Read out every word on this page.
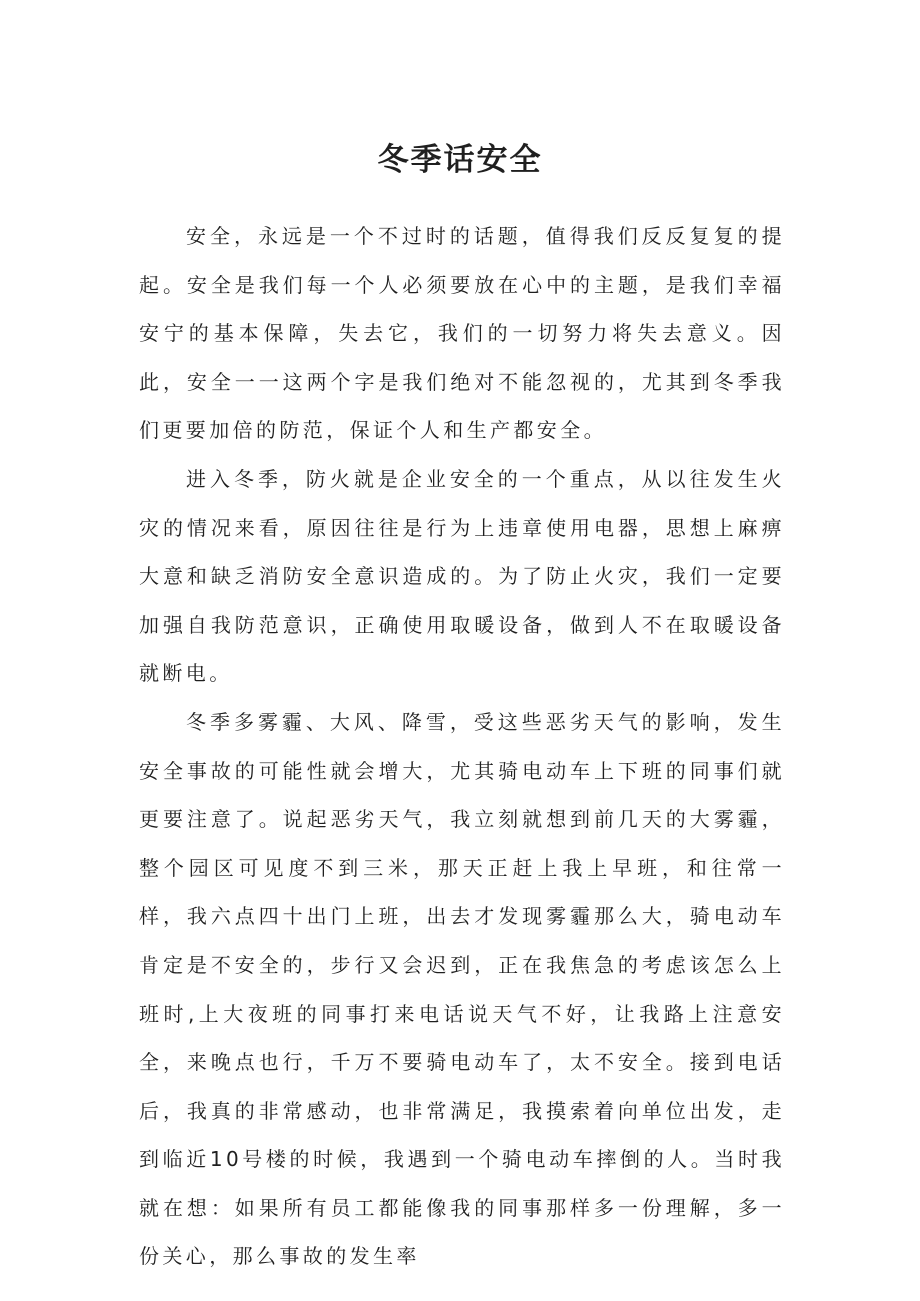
冬季话安全

安全，永远是一个不过时的话题，值得我们反反复复的提起。安全是我们每一个人必须要放在心中的主题，是我们幸福安宁的基本保障，失去它，我们的一切努力将失去意义。因此，安全一一这两个字是我们绝对不能忽视的，尤其到冬季我们更要加倍的防范，保证个人和生产都安全。

进入冬季，防火就是企业安全的一个重点，从以往发生火灾的情况来看，原因往往是行为上违章使用电器，思想上麻痹大意和缺乏消防安全意识造成的。为了防止火灾，我们一定要加强自我防范意识，正确使用取暖设备，做到人不在取暖设备就断电。

冬季多雾霾、大风、降雪，受这些恶劣天气的影响，发生安全事故的可能性就会增大，尤其骑电动车上下班的同事们就更要注意了。说起恶劣天气，我立刻就想到前几天的大雾霾，整个园区可见度不到三米，那天正赶上我上早班，和往常一样，我六点四十出门上班，出去才发现雾霾那么大，骑电动车肯定是不安全的，步行又会迟到，正在我焦急的考虑该怎么上班时,上大夜班的同事打来电话说天气不好，让我路上注意安全，来晚点也行，千万不要骑电动车了，太不安全。接到电话后，我真的非常感动，也非常满足，我摸索着向单位出发，走到临近10号楼的时候，我遇到一个骑电动车摔倒的人。当时我就在想：如果所有员工都能像我的同事那样多一份理解，多一份关心，那么事故的发生率
